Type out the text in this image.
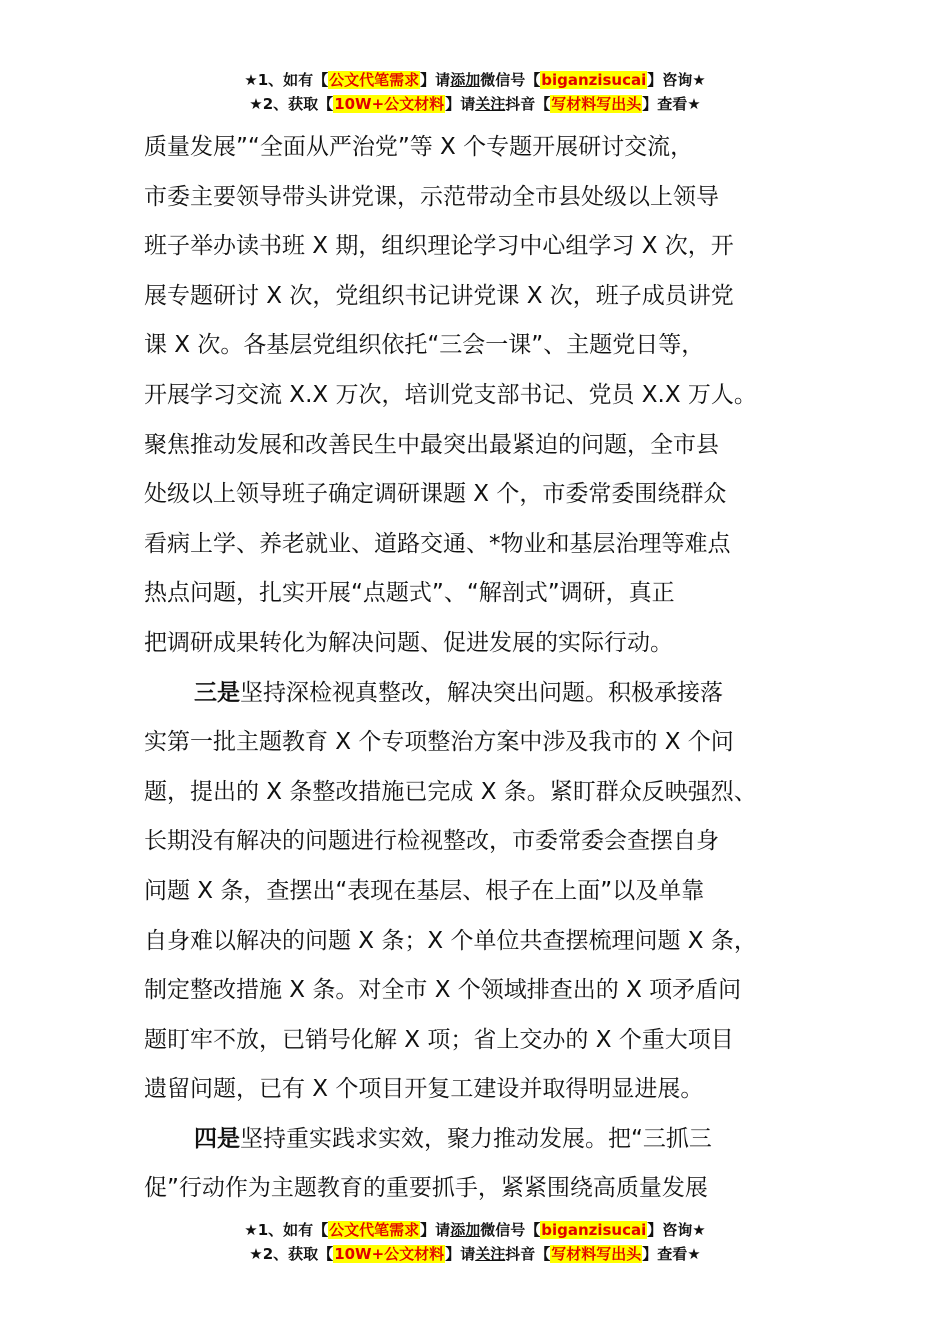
★1、如有【公文代笔需求】请添加微信号【biganzisucai】咨询★
★2、获取【10W+公文材料】请关注抖音【写材料写出头】查看★
质量发展”“全面从严治党”等 X 个专题开展研讨交流，
市委主要领导带头讲党课，示范带动全市县处级以上领导
班子举办读书班 X 期，组织理论学习中心组学习 X 次，开
展专题研讨 X 次，党组织书记讲党课 X 次，班子成员讲党
课 X 次。各基层党组织依托“三会一课”、主题党日等，
开展学习交流 X.X 万次，培训党支部书记、党员 X.X 万人。
聚焦推动发展和改善民生中最突出最紧迫的问题，全市县
处级以上领导班子确定调研课题 X 个，市委常委围绕群众
看病上学、养老就业、道路交通、*物业和基层治理等难点
热点问题，扎实开展“点题式”、“解剖式”调研，真正
把调研成果转化为解决问题、促进发展的实际行动。
三是坚持深检视真整改，解决突出问题。积极承接落
实第一批主题教育 X 个专项整治方案中涉及我市的 X 个问
题，提出的 X 条整改措施已完成 X 条。紧盯群众反映强烈、
长期没有解决的问题进行检视整改，市委常委会查摆自身
问题 X 条，查摆出“表现在基层、根子在上面”以及单靠
自身难以解决的问题 X 条；X 个单位共查摆梳理问题 X 条，
制定整改措施 X 条。对全市 X 个领域排查出的 X 项矛盾问
题盯牢不放，已销号化解 X 项；省上交办的 X 个重大项目
遗留问题，已有 X 个项目开复工建设并取得明显进展。
四是坚持重实践求实效，聚力推动发展。把“三抓三
促”行动作为主题教育的重要抓手，紧紧围绕高质量发展
★1、如有【公文代笔需求】请添加微信号【biganzisucai】咨询★
★2、获取【10W+公文材料】请关注抖音【写材料写出头】查看★
